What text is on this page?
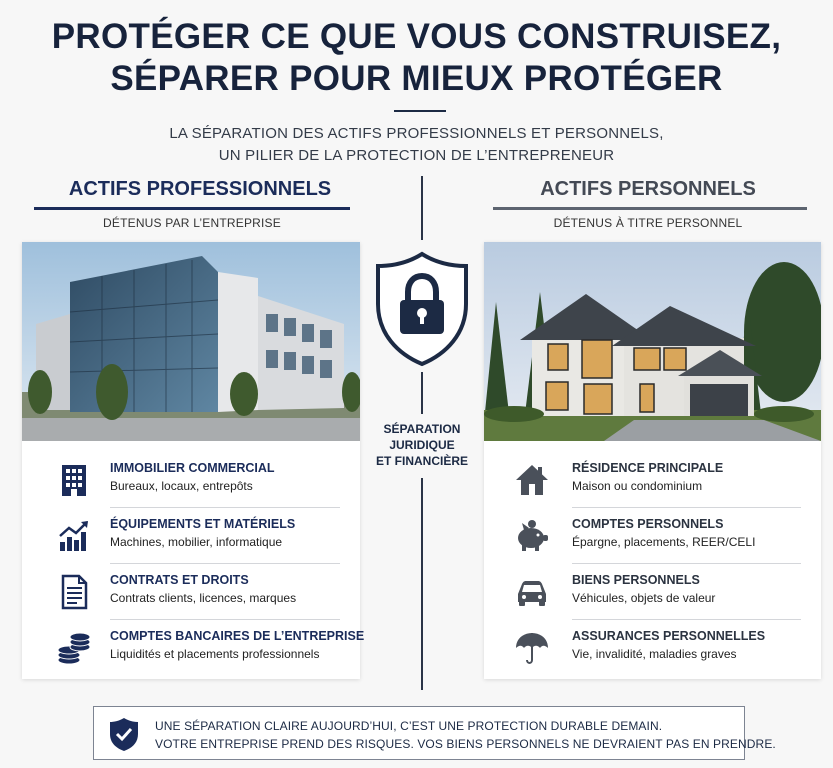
PROTÉGER CE QUE VOUS CONSTRUISEZ,
SÉPARER POUR MIEUX PROTÉGER
LA SÉPARATION DES ACTIFS PROFESSIONNELS ET PERSONNELS,
UN PILIER DE LA PROTECTION DE L’ENTREPRENEUR
ACTIFS PROFESSIONNELS
DÉTENUS PAR L’ENTREPRISE
ACTIFS PERSONNELS
DÉTENUS À TITRE PERSONNEL
SÉPARATION
JURIDIQUE
ET FINANCIÈRE
IMMOBILIER COMMERCIAL
Bureaux, locaux, entrepôts
ÉQUIPEMENTS ET MATÉRIELS
Machines, mobilier, informatique
CONTRATS ET DROITS
Contrats clients, licences, marques
COMPTES BANCAIRES DE L’ENTREPRISE
Liquidités et placements professionnels
RÉSIDENCE PRINCIPALE
Maison ou condominium
COMPTES PERSONNELS
Épargne, placements, REER/CELI
BIENS PERSONNELS
Véhicules, objets de valeur
ASSURANCES PERSONNELLES
Vie, invalidité, maladies graves
UNE SÉPARATION CLAIRE AUJOURD’HUI, C’EST UNE PROTECTION DURABLE DEMAIN.
VOTRE ENTREPRISE PREND DES RISQUES. VOS BIENS PERSONNELS NE DEVRAIENT PAS EN PRENDRE.
